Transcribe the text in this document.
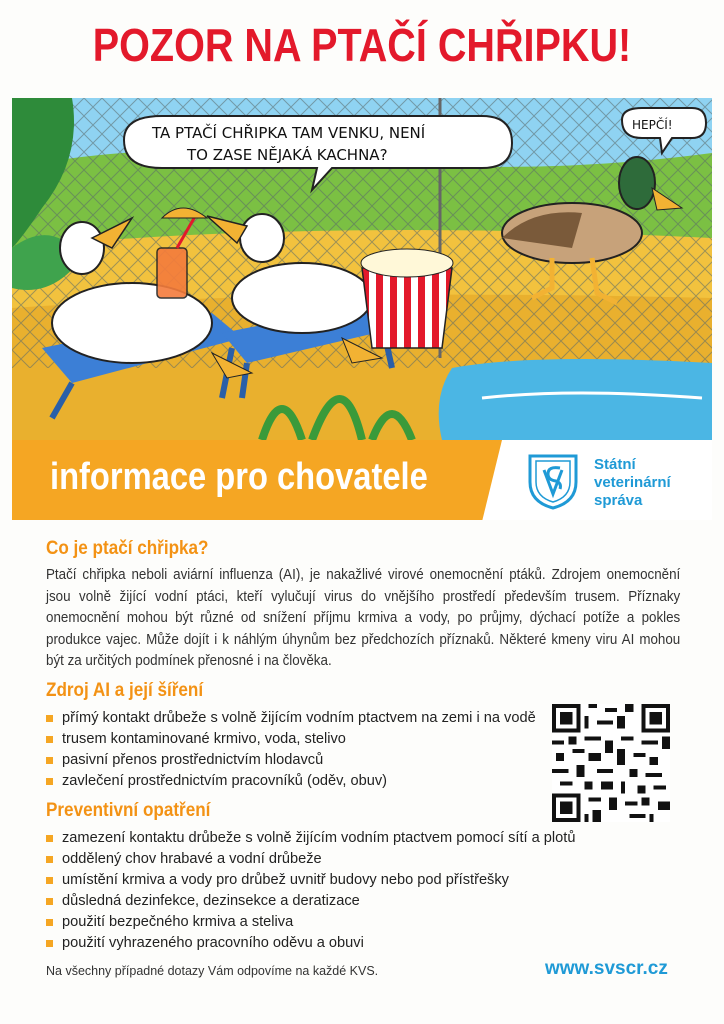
POZOR NA PTAČÍ CHŘIPKU!
TA PTAČÍ CHŘIPKA TAM VENKU, NENÍ
TO ZASE NĚJAKÁ KACHNA?
HEPČÍ!
informace pro chovatele	Státní
veterinární
správa
Co je ptačí chřipka?
Ptačí chřipka neboli aviární influenza (AI), je nakažlivé virové onemocnění ptáků. Zdrojem onemocnění jsou volně žijící vodní ptáci, kteří vylučují virus do vnějšího prostředí především trusem. Příznaky onemocnění mohou být různé od snížení příjmu krmiva a vody, po průjmy, dýchací potíže a pokles produkce vajec. Může dojít i k náhlým úhynům bez předchozích příznaků. Některé kmeny viru AI mohou být za určitých podmínek přenosné i na člověka.
Zdroj AI a její šíření
přímý kontakt drůbeže s volně žijícím vodním ptactvem na zemi i na vodě
trusem kontaminované krmivo, voda, stelivo
pasivní přenos prostřednictvím hlodavců
zavlečení prostřednictvím pracovníků (oděv, obuv)
Preventivní opatření
zamezení kontaktu drůbeže s volně žijícím vodním ptactvem pomocí sítí a plotů
oddělený chov hrabavé a vodní drůbeže
umístění krmiva a vody pro drůbež uvnitř budovy nebo pod přístřešky
důsledná dezinfekce, dezinsekce a deratizace
použití bezpečného krmiva a steliva
použití vyhrazeného pracovního oděvu a obuvi
Na všechny případné dotazy Vám odpovíme na každé KVS.	www.svscr.cz
